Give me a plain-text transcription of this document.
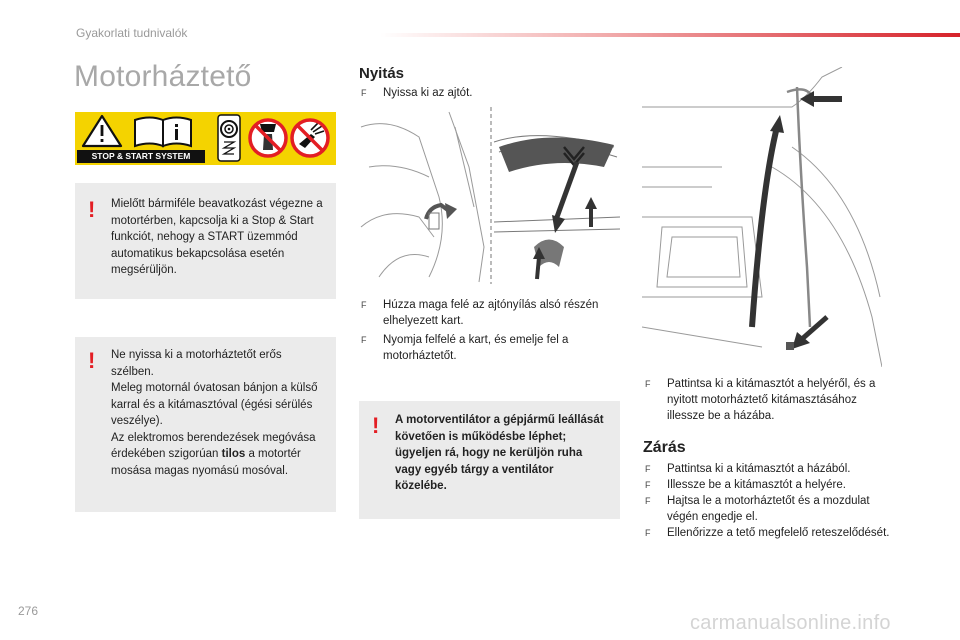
Gyakorlati tudnivalók
Motorháztető
STOP & START SYSTEM
! Mielőtt bármiféle beavatkozást végezne a motortérben, kapcsolja ki a Stop & Start funkciót, nehogy a START üzemmód automatikus bekapcsolása esetén megsérüljön.
! Ne nyissa ki a motorháztetőt erős szélben.
Meleg motornál óvatosan bánjon a külső karral és a kitámasztóval (égési sérülés veszélye).
Az elektromos berendezések megóvása érdekében szigorúan tilos a motortér mosása magas nyomású mosóval.
Nyitás
F	Nyissa ki az ajtót.
F	Húzza maga felé az ajtónyílás alsó részén elhelyezett kart.
F	Nyomja felfelé a kart, és emelje fel a motorháztetőt.
! A motorventilátor a gépjármű leállását követően is működésbe léphet; ügyeljen rá, hogy ne kerüljön ruha vagy egyéb tárgy a ventilátor közelébe.
F	Pattintsa ki a kitámasztót a helyéről, és a nyitott motorháztető kitámasztásához illessze be a házába.
Zárás
F	Pattintsa ki a kitámasztót a házából.
F	Illessze be a kitámasztót a helyére.
F	Hajtsa le a motorháztetőt és a mozdulat végén engedje el.
F	Ellenőrizze a tető megfelelő reteszelődését.
276
carmanualsonline.info
